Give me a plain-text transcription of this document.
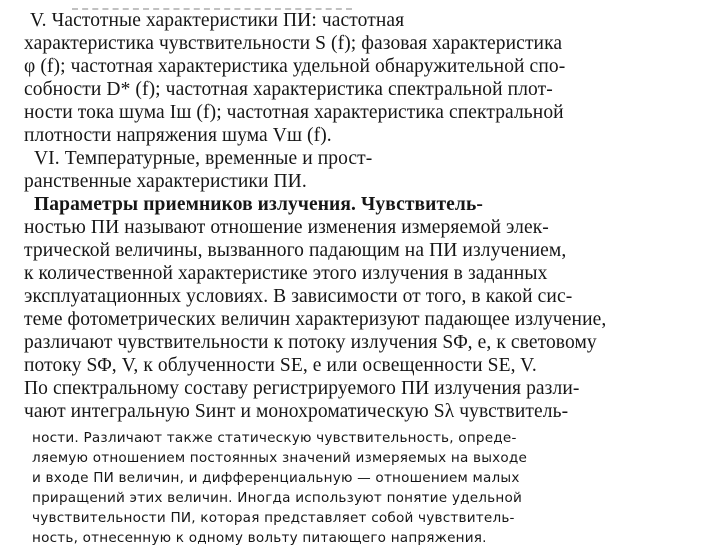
V. Частотные характеристики ПИ: частотная
характеристика чувствительности S (f); фазовая характеристика
φ (f); частотная характеристика удельной обнаружительной спо-
собности D* (f); частотная характеристика спектральной плот-
ности тока шума Iш (f); частотная характеристика спектральной
плотности напряжения шума Vш (f).
VI. Температурные, временные и прост-
ранственные характеристики ПИ.
Параметры приемников излучения. Чувствитель-
ностью ПИ называют отношение изменения измеряемой элек-
трической величины, вызванного падающим на ПИ излучением,
к количественной характеристике этого излучения в заданных
эксплуатационных условиях. В зависимости от того, в какой сис-
теме фотометрических величин характеризуют падающее излучение,
различают чувствительности к потоку излучения SΦ, e, к световому
потоку SΦ, V, к облученности SE, e или освещенности SE, V.
По спектральному составу регистрируемого ПИ излучения разли-
чают интегральную Sинт и монохроматическую Sλ чувствитель-
ности. Различают также статическую чувствительность, опреде-
ляемую отношением постоянных значений измеряемых на выходе
и входе ПИ величин, и дифференциальную — отношением малых
приращений этих величин. Иногда используют понятие удельной
чувствительности ПИ, которая представляет собой чувствитель-
ность, отнесенную к одному вольту питающего напряжения.
